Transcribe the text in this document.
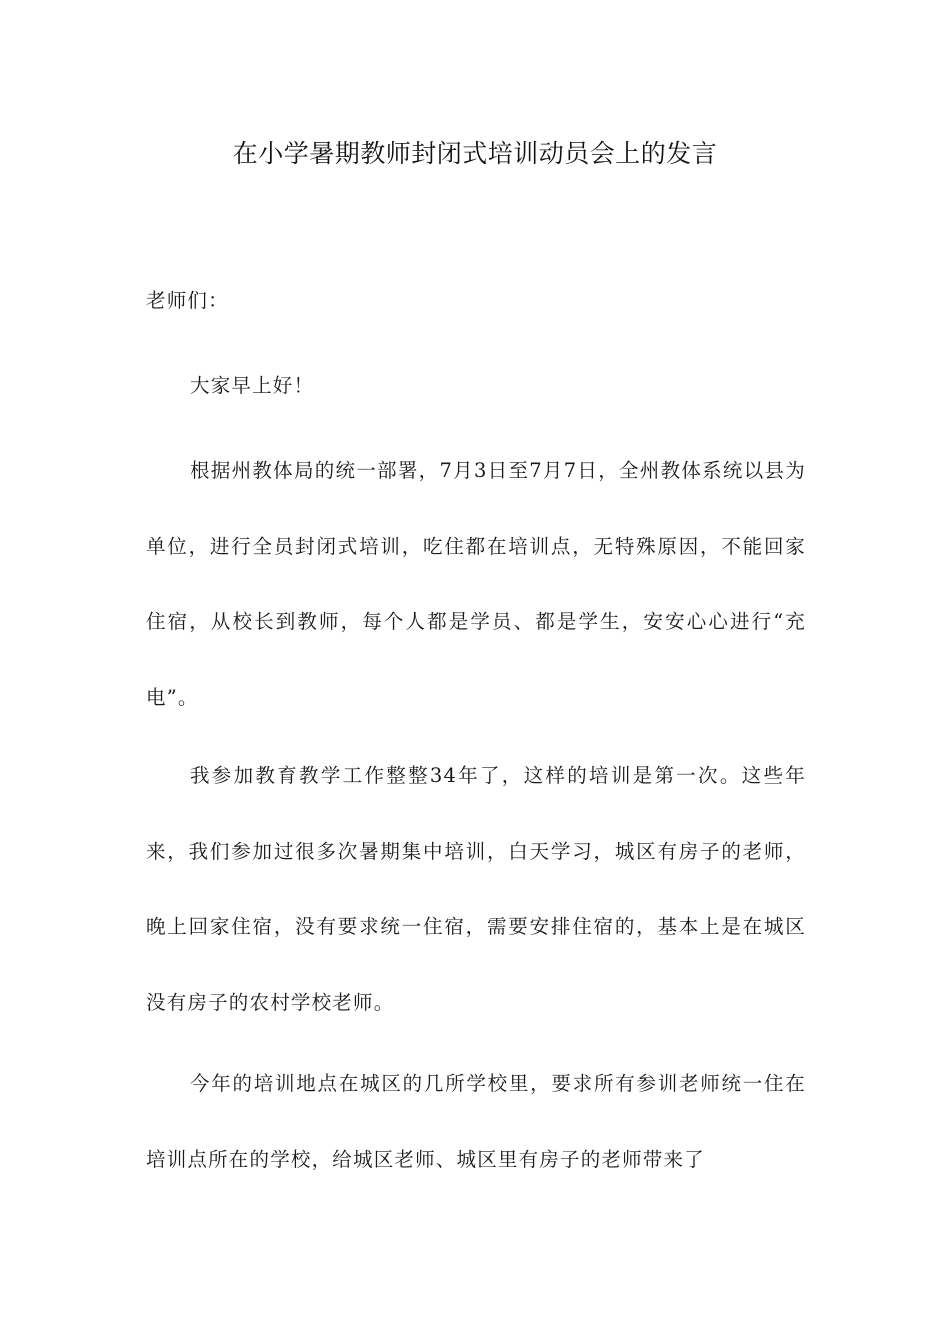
在小学暑期教师封闭式培训动员会上的发言

老师们：

大家早上好！

根据州教体局的统一部署，7月3日至7月7日，全州教体系统以县为单位，进行全员封闭式培训，吃住都在培训点，无特殊原因，不能回家住宿，从校长到教师，每个人都是学员、都是学生，安安心心进行“充电”。

我参加教育教学工作整整34年了，这样的培训是第一次。这些年来，我们参加过很多次暑期集中培训，白天学习，城区有房子的老师，晚上回家住宿，没有要求统一住宿，需要安排住宿的，基本上是在城区没有房子的农村学校老师。

今年的培训地点在城区的几所学校里，要求所有参训老师统一住在培训点所在的学校，给城区老师、城区里有房子的老师带来了
